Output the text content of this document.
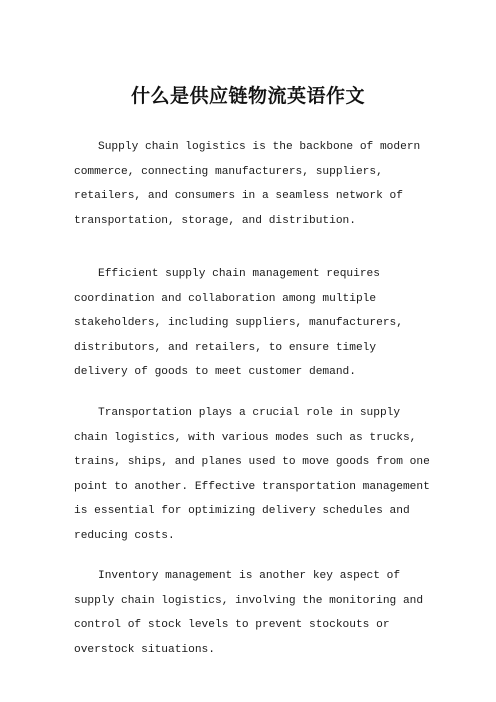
什么是供应链物流英语作文

Supply chain logistics is the backbone of modern commerce, connecting manufacturers, suppliers, retailers, and consumers in a seamless network of transportation, storage, and distribution.

Efficient supply chain management requires coordination and collaboration among multiple stakeholders, including suppliers, manufacturers, distributors, and retailers, to ensure timely delivery of goods to meet customer demand.

Transportation plays a crucial role in supply chain logistics, with various modes such as trucks, trains, ships, and planes used to move goods from one point to another. Effective transportation management is essential for optimizing delivery schedules and reducing costs.

Inventory management is another key aspect of supply chain logistics, involving the monitoring and control of stock levels to prevent stockouts or overstock situations.
